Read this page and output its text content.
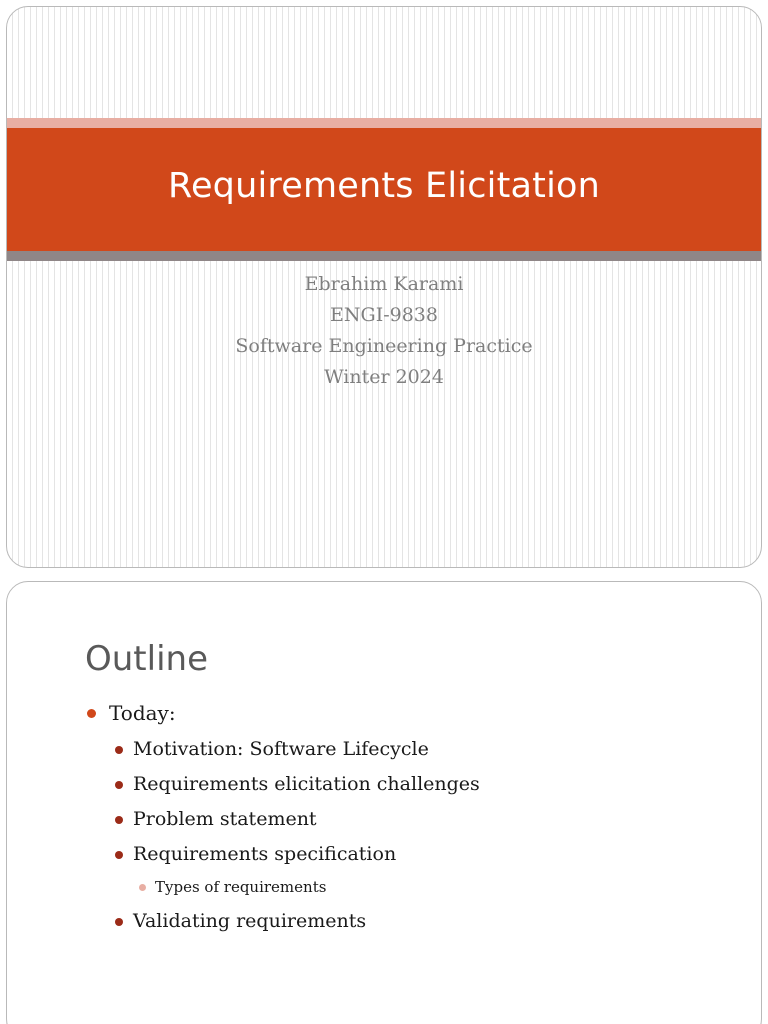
Requirements Elicitation
Ebrahim Karami
ENGI-9838
Software Engineering Practice
Winter 2024
Outline
Today:
Motivation: Software Lifecycle
Requirements elicitation challenges
Problem statement
Requirements specification
Types of requirements
Validating requirements
